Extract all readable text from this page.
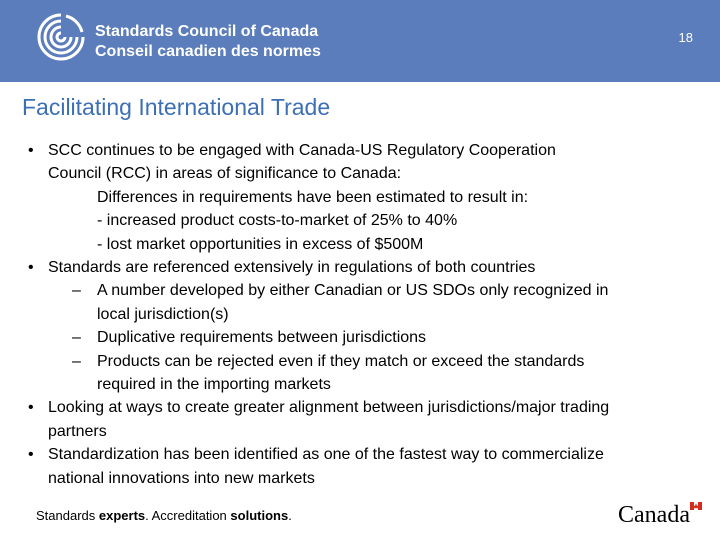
Standards Council of Canada
Conseil canadien des normes
18
Facilitating International Trade
• SCC continues to be engaged with Canada-US Regulatory Cooperation
Council (RCC) in areas of significance to Canada:
Differences in requirements have been estimated to result in:
- increased product costs-to-market of 25% to 40%
- lost market opportunities in excess of $500M
• Standards are referenced extensively in regulations of both countries
– A number developed by either Canadian or US SDOs only recognized in
local jurisdiction(s)
– Duplicative requirements between jurisdictions
– Products can be rejected even if they match or exceed the standards
required in the importing markets
• Looking at ways to create greater alignment between jurisdictions/major trading
partners
• Standardization has been identified as one of the fastest way to commercialize
national innovations into new markets
Standards experts. Accreditation solutions.	Canada
